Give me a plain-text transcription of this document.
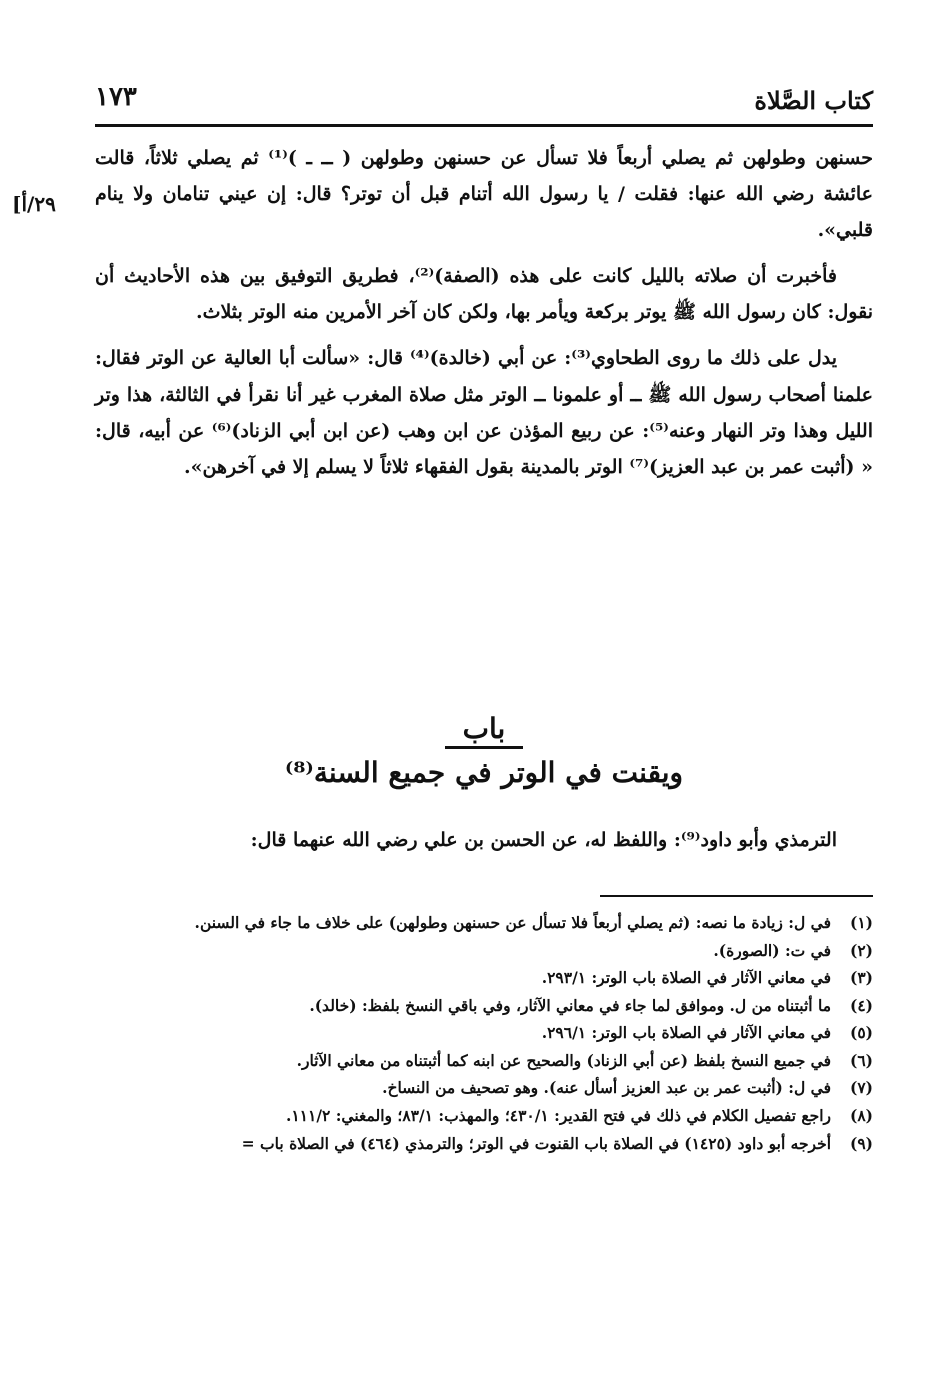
كتاب الصَّلاة
١٧٣
[٢٩/أ

حسنهن وطولهن ثم يصلي أربعاً فلا تسأل عن حسنهن وطولهن ( ــ ـ )⁽¹⁾ ثم يصلي ثلاثاً، قالت عائشة رضي الله عنها: فقلت / يا رسول الله أتنام قبل أن توتر؟ قال: إن عيني تنامان ولا ينام قلبي».

فأخبرت أن صلاته بالليل كانت على هذه (الصفة)⁽²⁾، فطريق التوفيق بين هذه الأحاديث أن نقول: كان رسول الله ﷺ يوتر بركعة ويأمر بها، ولكن كان آخر الأمرين منه الوتر بثلاث.

يدل على ذلك ما روى الطحاوي⁽³⁾: عن أبي (خالدة)⁽⁴⁾ قال: «سألت أبا العالية عن الوتر فقال: علمنا أصحاب رسول الله ﷺ ــ أو علمونا ــ الوتر مثل صلاة المغرب غير أنا نقرأ في الثالثة، هذا وتر الليل وهذا وتر النهار وعنه⁽⁵⁾: عن ربيع المؤذن عن ابن وهب (عن ابن أبي الزناد)⁽⁶⁾ عن أبيه، قال: « (أثبت عمر بن عبد العزيز)⁽⁷⁾ الوتر بالمدينة بقول الفقهاء ثلاثاً لا يسلم إلا في آخرهن».

باب
ويقنت في الوتر في جميع السنة⁽⁸⁾

الترمذي وأبو داود⁽⁹⁾: واللفظ له، عن الحسن بن علي رضي الله عنهما قال:

(١)
في ل: زيادة ما نصه: (ثم يصلي أربعاً فلا تسأل عن حسنهن وطولهن) على خلاف ما جاء في السنن.
(٢)
في ت: (الصورة).
(٣)
في معاني الآثار في الصلاة باب الوتر: ٢٩٣/١.
(٤)
ما أثبتناه من ل. وموافق لما جاء في معاني الآثار، وفي باقي النسخ بلفظ: (خالد).
(٥)
في معاني الآثار في الصلاة باب الوتر: ٢٩٦/١.
(٦)
في جميع النسخ بلفظ (عن أبي الزناد) والصحيح عن ابنه كما أثبتناه من معاني الآثار.
(٧)
في ل: (أثبت عمر بن عبد العزيز أسأل عنه). وهو تصحيف من النساخ.
(٨)
راجع تفصيل الكلام في ذلك في فتح القدير: ٤٣٠/١؛ والمهذب: ٨٣/١؛ والمغني: ١١١/٢.
(٩)
أخرجه أبو داود (١٤٢٥) في الصلاة باب القنوت في الوتر؛ والترمذي (٤٦٤) في الصلاة باب =
